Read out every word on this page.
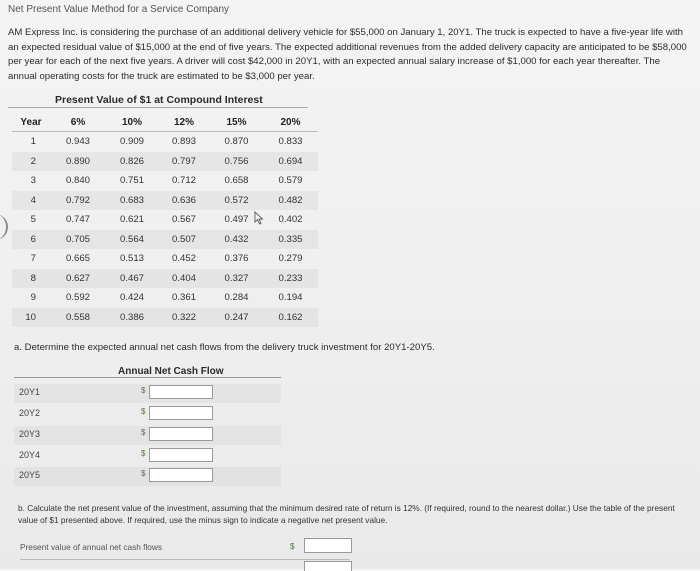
Net Present Value Method for a Service Company

AM Express Inc. is considering the purchase of an additional delivery vehicle for $55,000 on January 1, 20Y1. The truck is expected to have a five-year life with an expected residual value of $15,000 at the end of five years. The expected additional revenues from the added delivery capacity are anticipated to be $58,000 per year for each of the next five years. A driver will cost $42,000 in 20Y1, with an expected annual salary increase of $1,000 for each year thereafter. The annual operating costs for the truck are estimated to be $3,000 per year.

Present Value of $1 at Compound Interest
Year	6%	10%	12%	15%	20%
1	0.943	0.909	0.893	0.870	0.833
2	0.890	0.826	0.797	0.756	0.694
3	0.840	0.751	0.712	0.658	0.579
4	0.792	0.683	0.636	0.572	0.482
5	0.747	0.621	0.567	0.497	0.402
6	0.705	0.564	0.507	0.432	0.335
7	0.665	0.513	0.452	0.376	0.279
8	0.627	0.467	0.404	0.327	0.233
9	0.592	0.424	0.361	0.284	0.194
10	0.558	0.386	0.322	0.247	0.162
a. Determine the expected annual net cash flows from the delivery truck investment for 20Y1-20Y5.
Annual Net Cash Flow
20Y1	$
20Y2	$
20Y3	$
20Y4	$
20Y5	$

b. Calculate the net present value of the investment, assuming that the minimum desired rate of return is 12%. (If required, round to the nearest dollar.) Use the table of the present value of $1 presented above. If required, use the minus sign to indicate a negative net present value.

Present value of annual net cash flows	$
